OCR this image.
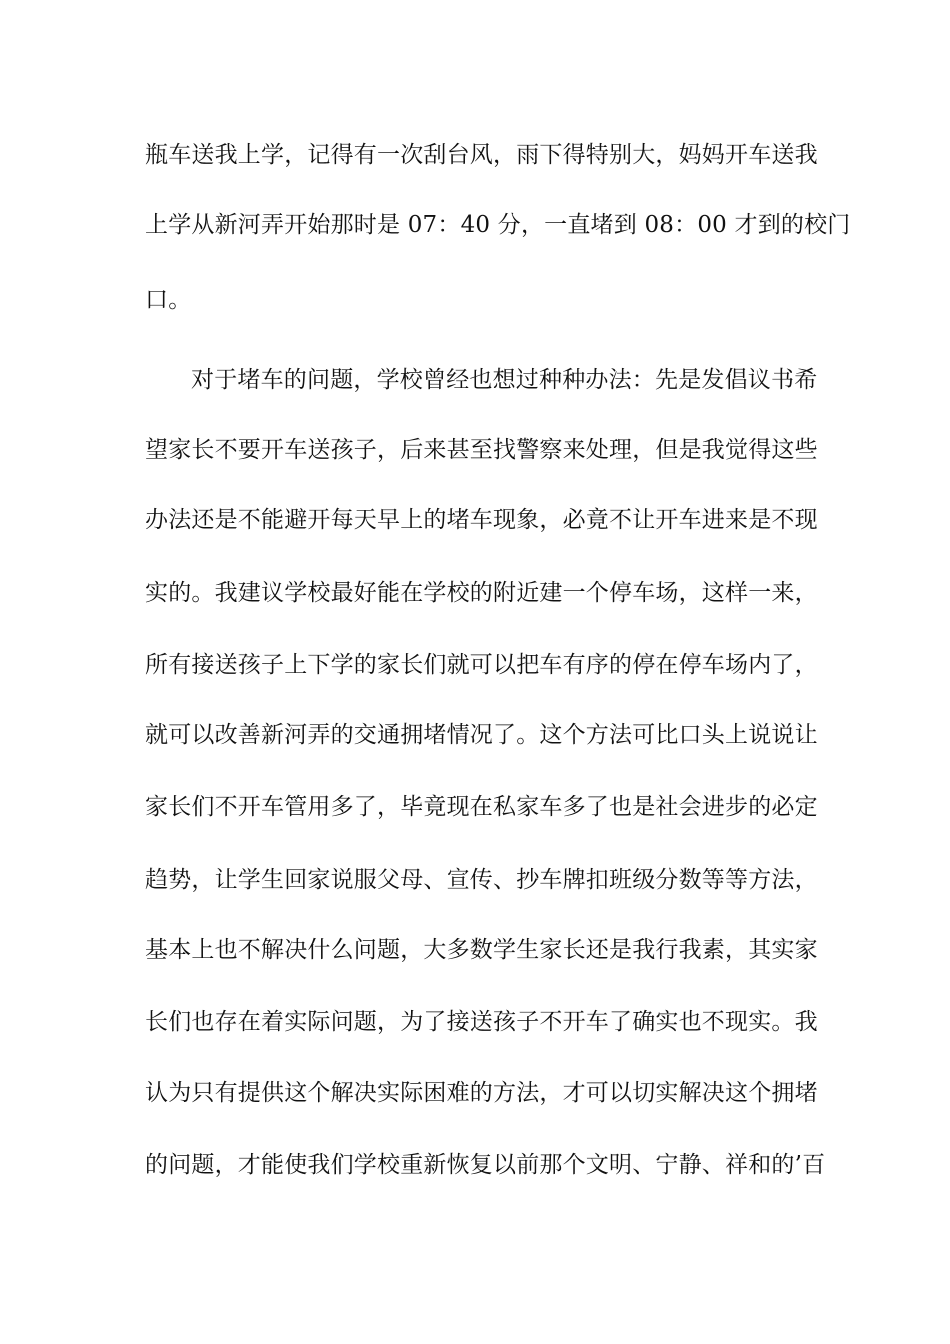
瓶车送我上学，记得有一次刮台风，雨下得特别大，妈妈开车送我
上学从新河弄开始那时是 07：40 分，一直堵到 08：00 才到的校门
口。
对于堵车的问题，学校曾经也想过种种办法：先是发倡议书希
望家长不要开车送孩子，后来甚至找警察来处理，但是我觉得这些
办法还是不能避开每天早上的堵车现象，必竟不让开车进来是不现
实的。我建议学校最好能在学校的附近建一个停车场，这样一来，
所有接送孩子上下学的家长们就可以把车有序的停在停车场内了，
就可以改善新河弄的交通拥堵情况了。这个方法可比口头上说说让
家长们不开车管用多了，毕竟现在私家车多了也是社会进步的必定
趋势，让学生回家说服父母、宣传、抄车牌扣班级分数等等方法，
基本上也不解决什么问题，大多数学生家长还是我行我素，其实家
长们也存在着实际问题，为了接送孩子不开车了确实也不现实。我
认为只有提供这个解决实际困难的方法，才可以切实解决这个拥堵
的问题，才能使我们学校重新恢复以前那个文明、宁静、祥和的’百
